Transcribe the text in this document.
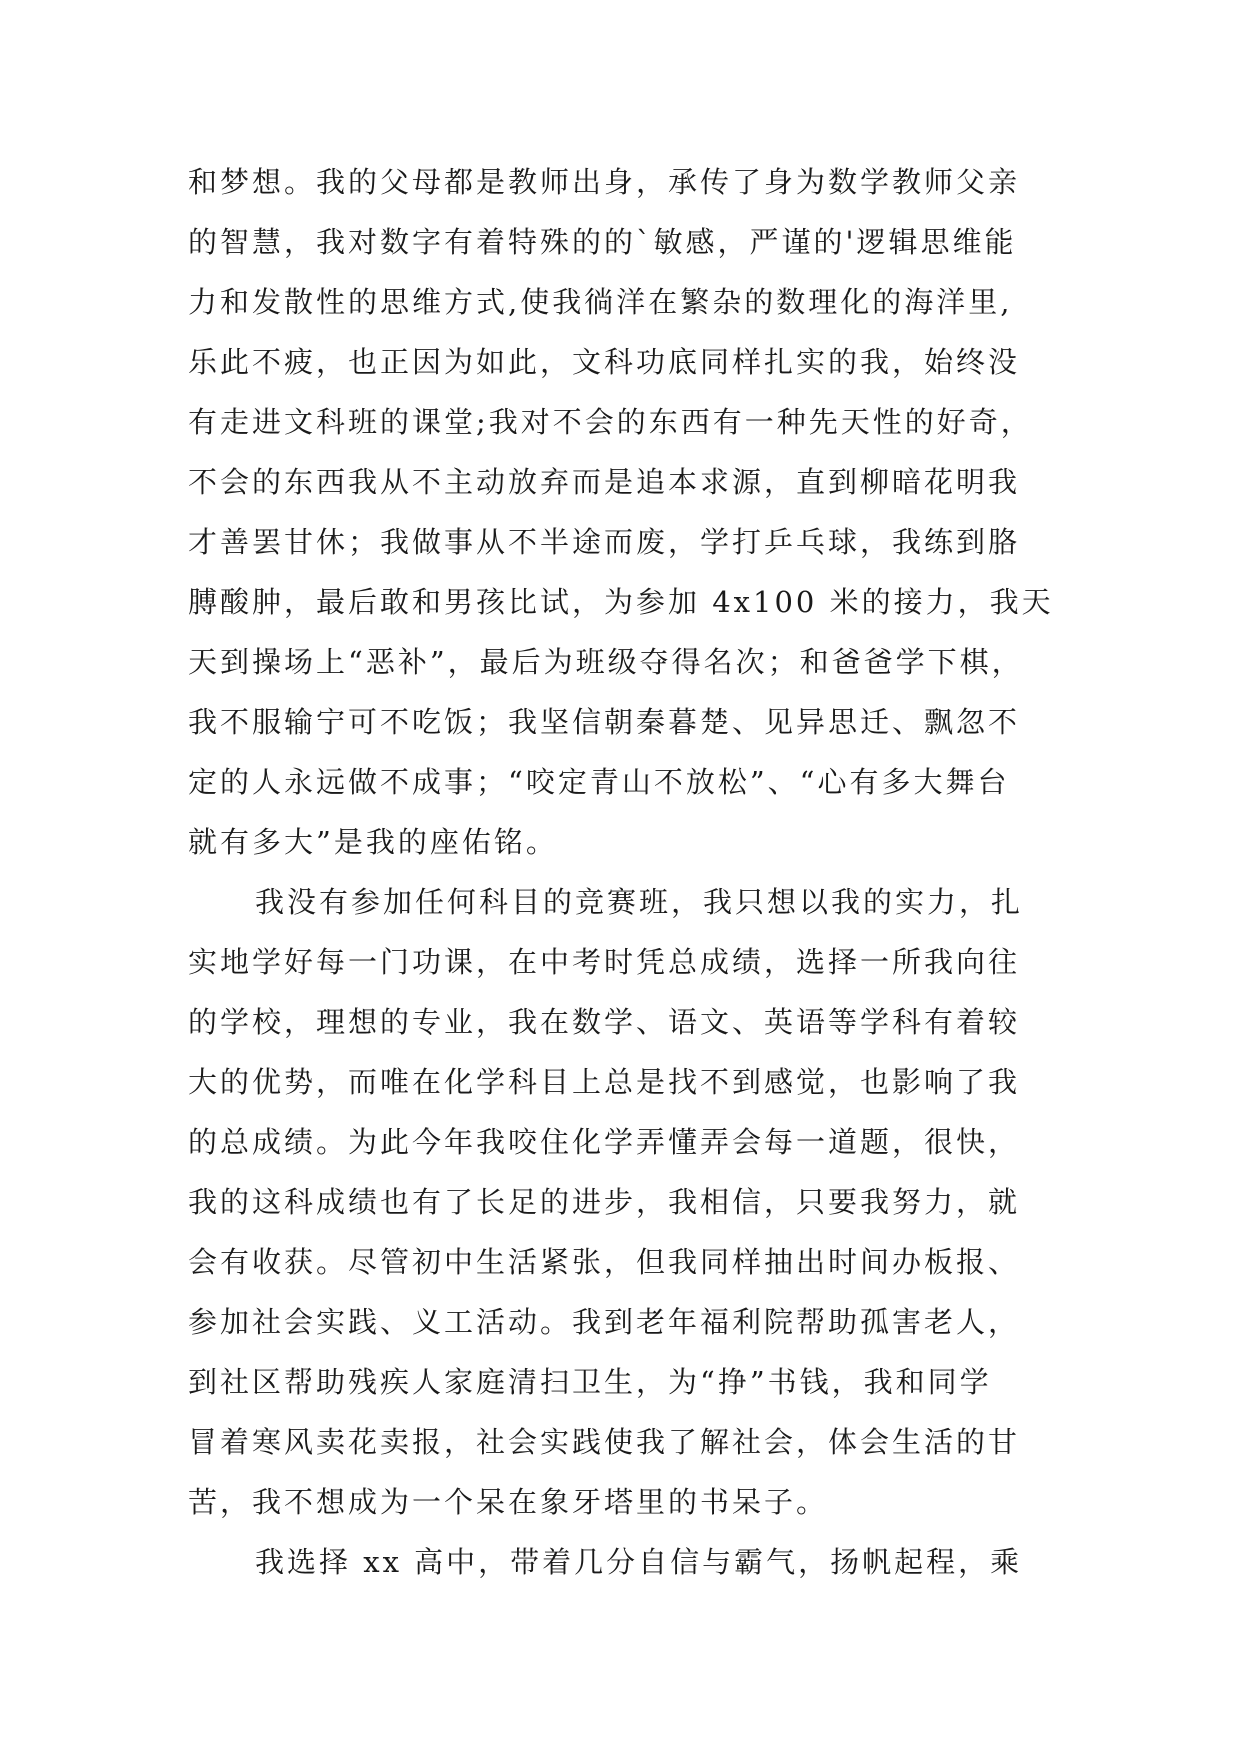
和梦想。我的父母都是教师出身，承传了身为数学教师父亲
的智慧，我对数字有着特殊的的`敏感，严谨的'逻辑思维能
力和发散性的思维方式,使我徜洋在繁杂的数理化的海洋里,
乐此不疲，也正因为如此，文科功底同样扎实的我，始终没
有走进文科班的课堂;我对不会的东西有一种先天性的好奇，
不会的东西我从不主动放弃而是追本求源，直到柳暗花明我
才善罢甘休；我做事从不半途而废，学打乒乓球，我练到胳
膊酸肿，最后敢和男孩比试，为参加 4x100 米的接力，我天
天到操场上“恶补”，最后为班级夺得名次；和爸爸学下棋，
我不服输宁可不吃饭；我坚信朝秦暮楚、见异思迁、飘忽不
定的人永远做不成事；“咬定青山不放松”、“心有多大舞台
就有多大”是我的座佑铭。
我没有参加任何科目的竞赛班，我只想以我的实力，扎
实地学好每一门功课，在中考时凭总成绩，选择一所我向往
的学校，理想的专业，我在数学、语文、英语等学科有着较
大的优势，而唯在化学科目上总是找不到感觉，也影响了我
的总成绩。为此今年我咬住化学弄懂弄会每一道题，很快，
我的这科成绩也有了长足的进步，我相信，只要我努力，就
会有收获。尽管初中生活紧张，但我同样抽出时间办板报、
参加社会实践、义工活动。我到老年福利院帮助孤害老人，
到社区帮助残疾人家庭清扫卫生，为“挣”书钱，我和同学
冒着寒风卖花卖报，社会实践使我了解社会，体会生活的甘
苦，我不想成为一个呆在象牙塔里的书呆子。
我选择 xx 高中，带着几分自信与霸气，扬帆起程，乘
